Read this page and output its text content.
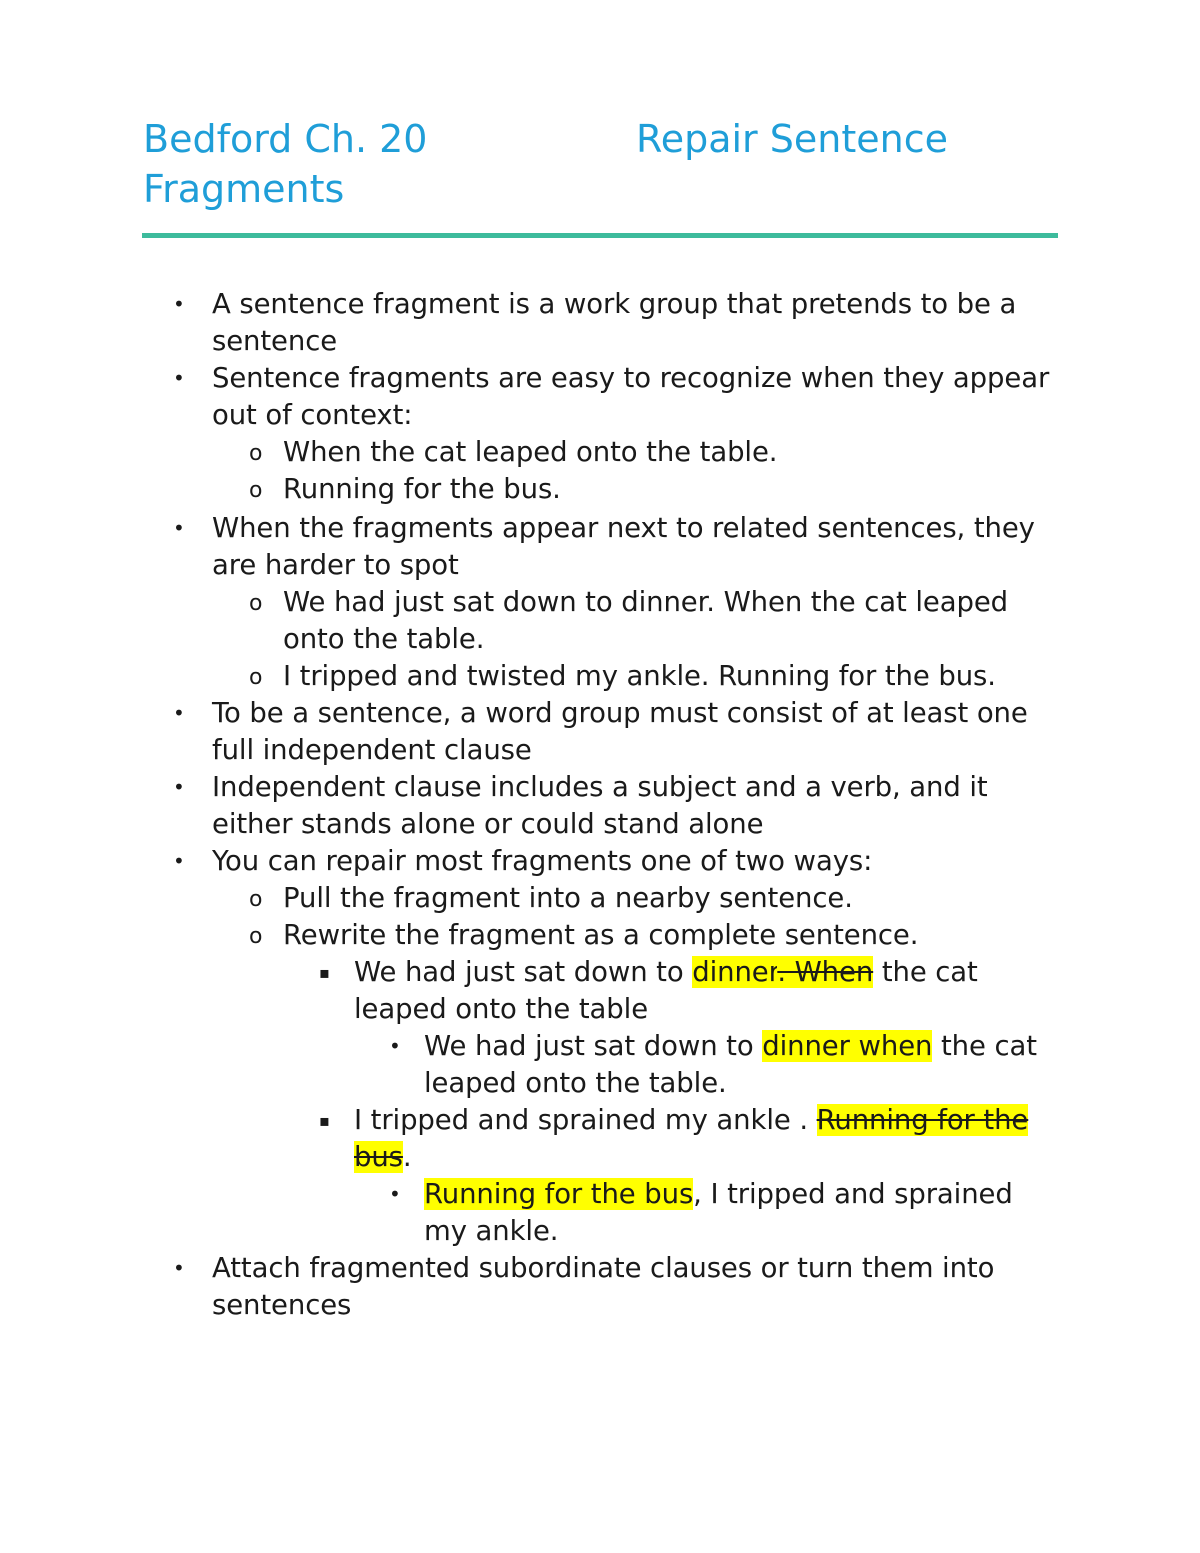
Bedford Ch. 20	Repair Sentence Fragments
• A sentence fragment is a work group that pretends to be a sentence
• Sentence fragments are easy to recognize when they appear out of context:
o When the cat leaped onto the table.
o Running for the bus.
• When the fragments appear next to related sentences, they are harder to spot
o We had just sat down to dinner. When the cat leaped onto the table.
o I tripped and twisted my ankle. Running for the bus.
• To be a sentence, a word group must consist of at least one full independent clause
• Independent clause includes a subject and a verb, and it either stands alone or could stand alone
• You can repair most fragments one of two ways:
o Pull the fragment into a nearby sentence.
o Rewrite the fragment as a complete sentence.
▪ We had just sat down to dinner. When the cat leaped onto the table
• We had just sat down to dinner when the cat leaped onto the table.
▪ I tripped and sprained my ankle . Running for the bus.
• Running for the bus, I tripped and sprained my ankle.
• Attach fragmented subordinate clauses or turn them into sentences
